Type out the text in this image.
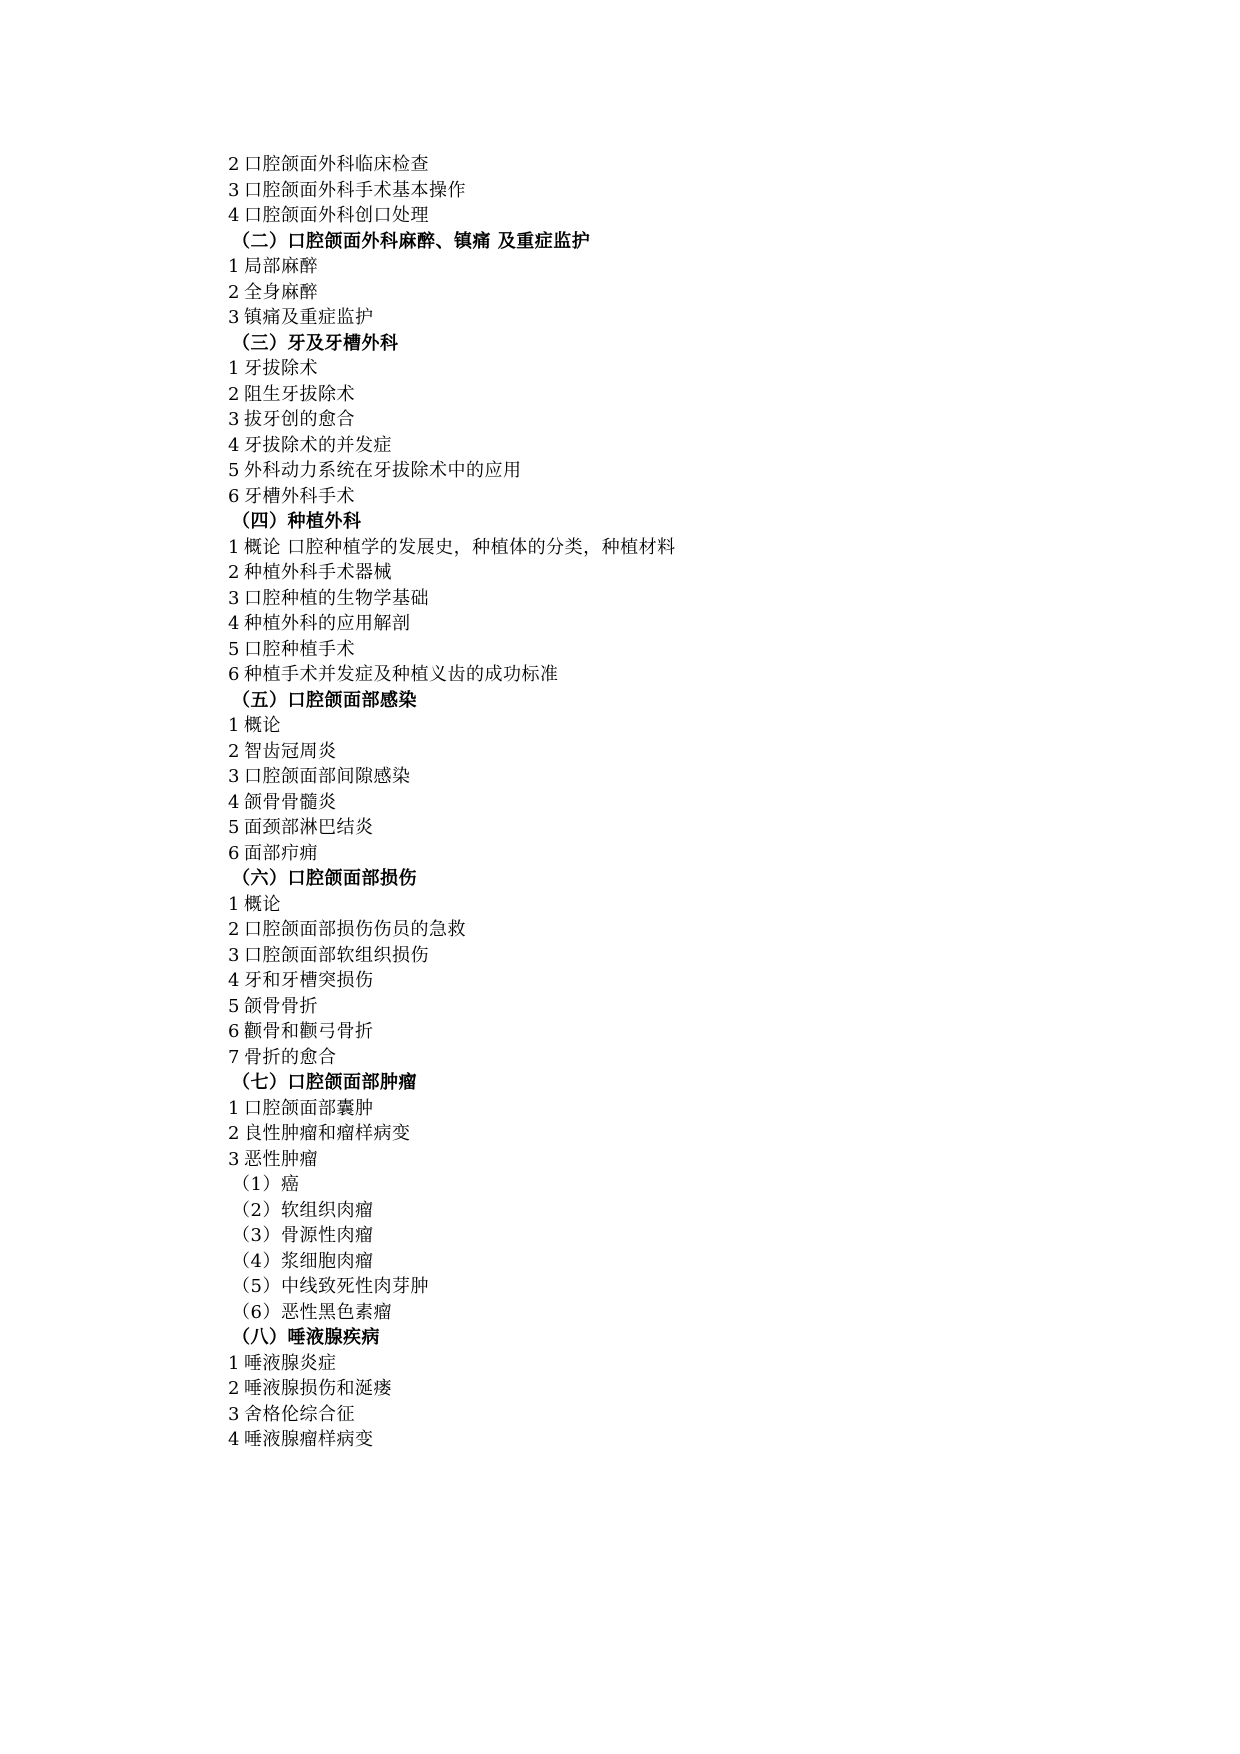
2 口腔颌面外科临床检查
3 口腔颌面外科手术基本操作
4 口腔颌面外科创口处理
（二）口腔颌面外科麻醉、镇痛 及重症监护
1 局部麻醉
2 全身麻醉
3 镇痛及重症监护
（三）牙及牙槽外科
1 牙拔除术
2 阻生牙拔除术
3 拔牙创的愈合
4 牙拔除术的并发症
5 外科动力系统在牙拔除术中的应用
6 牙槽外科手术
（四）种植外科
1 概论 口腔种植学的发展史，种植体的分类，种植材料
2 种植外科手术器械
3 口腔种植的生物学基础
4 种植外科的应用解剖
5 口腔种植手术
6 种植手术并发症及种植义齿的成功标准
（五）口腔颌面部感染
1 概论
2 智齿冠周炎
3 口腔颌面部间隙感染
4 颌骨骨髓炎
5 面颈部淋巴结炎
6 面部疖痈
（六）口腔颌面部损伤
1 概论
2 口腔颌面部损伤伤员的急救
3 口腔颌面部软组织损伤
4 牙和牙槽突损伤
5 颌骨骨折
6 颧骨和颧弓骨折
7 骨折的愈合
（七）口腔颌面部肿瘤
1 口腔颌面部囊肿
2 良性肿瘤和瘤样病变
3 恶性肿瘤
（1）癌
（2）软组织肉瘤
（3）骨源性肉瘤
（4）浆细胞肉瘤
（5）中线致死性肉芽肿
（6）恶性黑色素瘤
（八）唾液腺疾病
1 唾液腺炎症
2 唾液腺损伤和涎瘘
3 舍格伦综合征
4 唾液腺瘤样病变
